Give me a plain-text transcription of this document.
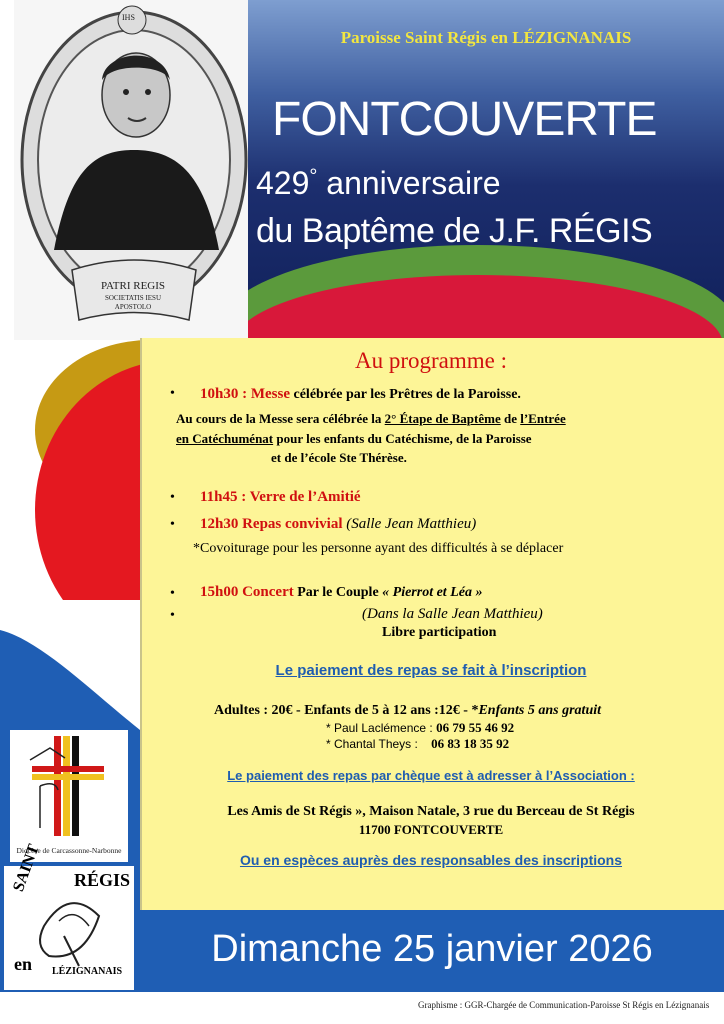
IHS
PATRI REGIS
SOCIETATIS IESU
APOSTOLO
Paroisse Saint Régis en LÉZIGNANAIS
FONTCOUVERTE
429° anniversaire
du Baptême de J.F. RÉGIS
Au programme :
• 10h30 : Messe célébrée par les Prêtres de la Paroisse.
Au cours de la Messe sera célébrée la 2° Étape de Baptême de l’Entrée
en Catéchuménat pour les enfants du Catéchisme, de la Paroisse
et de l’école Ste Thérèse.
• 11h45 : Verre de l’Amitié
• 12h30 Repas convivial (Salle Jean Matthieu)
*Covoiturage pour les personne ayant des difficultés à se déplacer
• 15h00 Concert Par le Couple « Pierrot et Léa »
•	(Dans la Salle Jean Matthieu)
Libre participation
Le paiement des repas se fait à l’inscription
Adultes : 20€ - Enfants de 5 à 12 ans :12€ - *Enfants 5 ans gratuit
* Paul Laclémence : 06 79 55 46 92
* Chantal Theys : 06 83 18 35 92
Le paiement des repas par chèque est à adresser à l’Association :
Les Amis de St Régis », Maison Natale, 3 rue du Berceau de St Régis
11700 FONTCOUVERTE
Ou en espèces auprès des responsables des inscriptions
Diocèse de Carcassonne-Narbonne
SAINT RÉGIS
en LÉZIGNANAIS
Dimanche 25 janvier 2026
Graphisme : GGR-Chargée de Communication-Paroisse St Régis en Lézignanais
